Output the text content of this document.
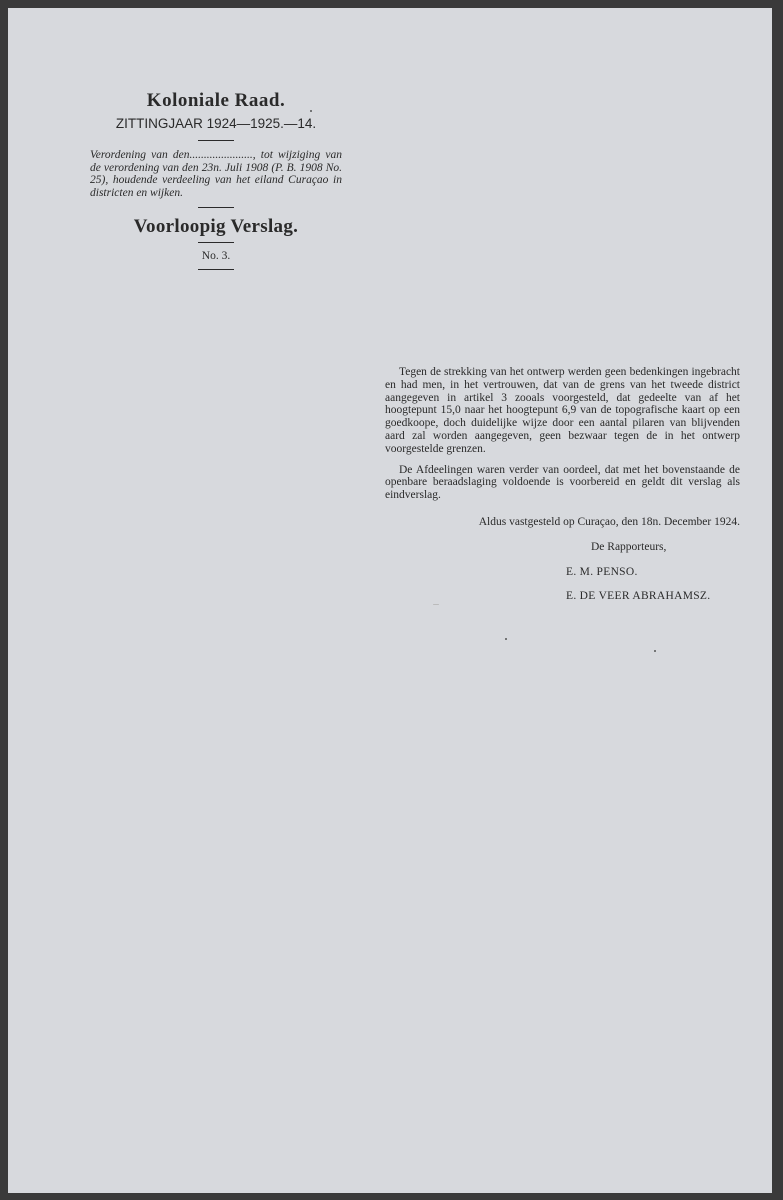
Koloniale Raad.
ZITTINGJAAR 1924—1925.—14.

Verordening van den......................, tot wijziging van de verordening van den 23n. Juli 1908 (P. B. 1908 No. 25), houdende verdeeling van het eiland Curaçao in districten en wijken.

Voorloopig Verslag.
No. 3.

Tegen de strekking van het ontwerp werden geen bedenkingen ingebracht en had men, in het vertrouwen, dat van de grens van het tweede district aangegeven in artikel 3 zooals voorgesteld, dat gedeelte van af het hoogtepunt 15,0 naar het hoogtepunt 6,9 van de topografische kaart op een goedkoope, doch duidelijke wijze door een aantal pilaren van blijvenden aard zal worden aangegeven, geen bezwaar tegen de in het ontwerp voorgestelde grenzen.

De Afdeelingen waren verder van oordeel, dat met het bovenstaande de openbare beraadslaging voldoende is voorbereid en geldt dit verslag als eindverslag.

Aldus vastgesteld op Curaçao, den 18n. December 1924.
De Rapporteurs,
E. M. PENSO.
E. DE VEER ABRAHAMSZ.
